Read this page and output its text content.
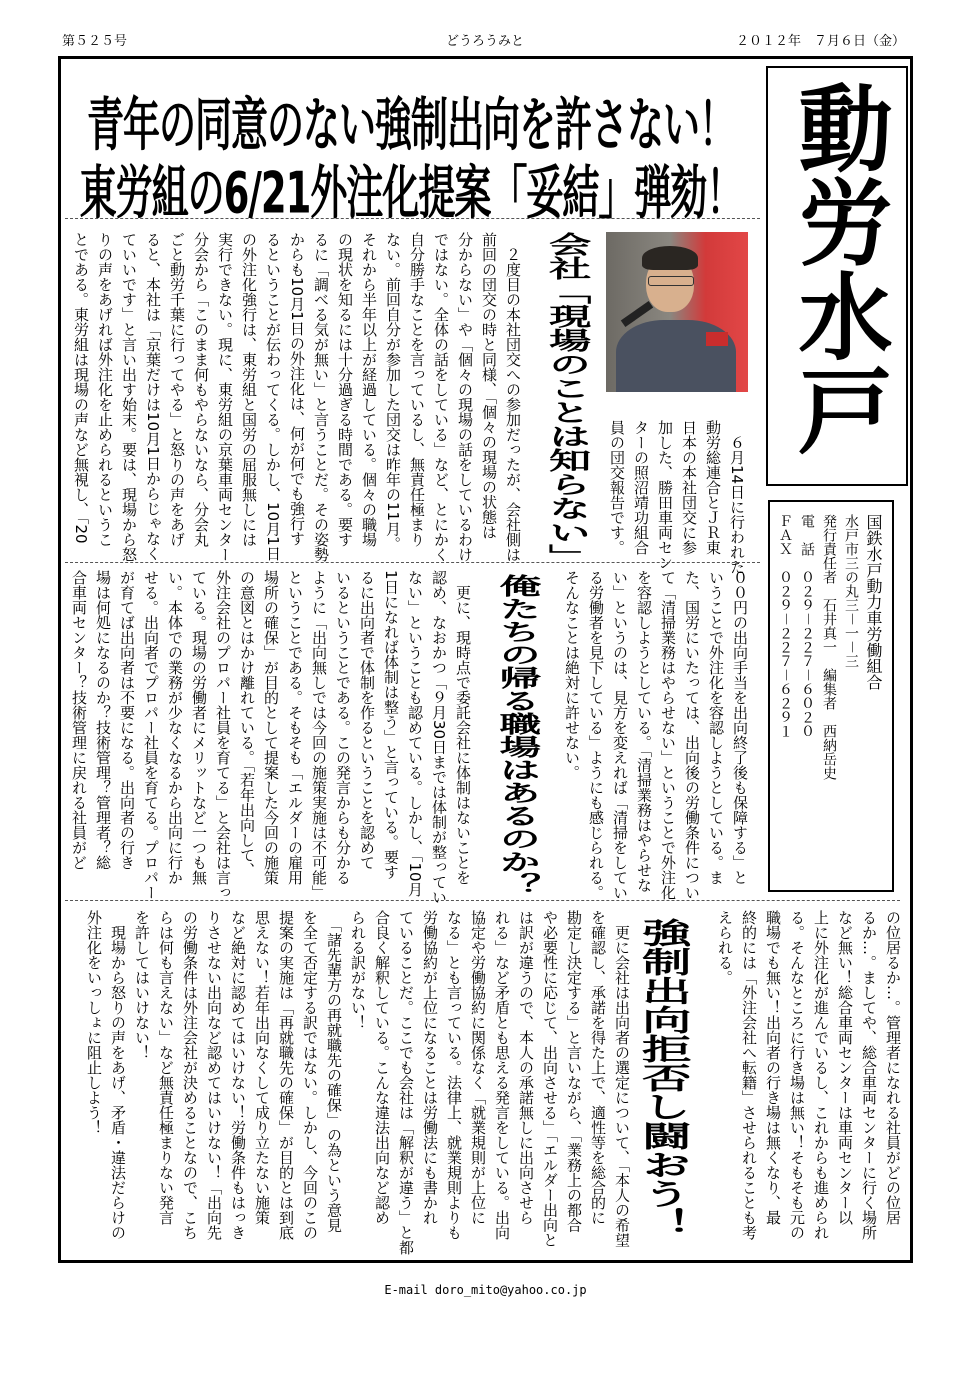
第５２５号	どうろうみと	２０１２年　７月６日（金）
青年の同意のない強制出向を許さない！
東労組の6/21外注化提案「妥結」弾劾！ 動労水戸
国鉄水戸動力車労働組合
水戸市三の丸三－一－三
発行責任者　石井真一　編集者　西納岳史
電　話　０２９－２２７－６０２０
ＦＡＸ　０２９－２２７－６２９１
　６月14日に行われた
動労総連合とＪＲ東
日本の本社団交に参
加した、勝田車両セン
ターの照沼靖功組合
員の団交報告です。
会社「現場のことは知らない」
　２度目の本社団交への参加だったが、会社側は
前回の団交の時と同様、「個々の現場の状態は
分からない」や「個々の現場の話をしているわけ
ではない。全体の話をしている」など、とにかく
自分勝手なことを言っているし、無責任極まり
ない。前回自分が参加した団交は昨年の11月。
それから半年以上が経過している。個々の職場
の現状を知るには十分過ぎる時間である。要す
るに「調べる気が無い」と言うことだ。その姿勢
からも10月1日の外注化は、何が何でも強行す
るということが伝わってくる。しかし、10月1日
の外注化強行は、東労組と国労の屈服無しには
実行できない。現に、東労組の京葉車両センター
分会から「このまま何もやらないなら、分会丸
ごと動労千葉に行ってやる」と怒りの声をあげ
ると、本社は「京葉だけは10月1日からじゃなく
ていいです」と言い出す始末。要は、現場から怒
りの声をあげれば外注化を止められるというこ
とである。東労組は現場の声など無視し、「20
００円の出向手当を出向終了後も保障する」と
いうことで外注化を容認しようとしている。ま
た、国労にいたっては、出向後の労働条件につい
て「清掃業務はやらせない」ということで外注化
を容認しようとしている。「清掃業務はやらせな
い」というのは、見方を変えれば「清掃をしてい
る労働者を見下している」ようにも感じられる。
そんなことは絶対に許せない。
俺たちの帰る職場はあるのか？
　更に、現時点で委託会社に体制はないことを
認め、なおかつ「９月30日までは体制が整ってい
ない」ということも認めている。しかし、「10月
1日になれば体制は整う」と言っている。要す
るに出向者で体制を作るということを認めて
いるということである。この発言からも分かる
ように「出向無しでは今回の施策実施は不可能」
ということである。そもそも「エルダーの雇用
場所の確保」が目的として提案した今回の施策
の意図とはかけ離れている。「若年出向して、
外注会社のプロパー社員を育てる」と会社は言っ
ている。現場の労働者にメリットなど一つも無
い。本体での業務が少なくなるから出向に行か
せる。出向者でプロパー社員を育てる。プロパー
が育てば出向者は不要になる。出向者の行き
場は何処になるのか？技術管理？管理者？総
合車両センター？技術管理に戻れる社員がど
の位居るか…。管理者になれる社員がどの位居
るか…。ましてや、総合車両センターに行く場所
など無い！総合車両センターは車両センター以
上に外注化が進んでいるし、これからも進められ
る。そんなところに行き場は無い！そもそも元の
職場でも無い！出向者の行き場は無くなり、最
終的には「外注会社へ転籍」させられることも考
えられる。
強制出向拒否し闘おう！
　更に会社は出向者の選定について、「本人の希望
を確認し、承諾を得た上で、適性等を総合的に
勘定し決定する」と言いながら、「業務上の都合
や必要性に応じて、出向させる」「エルダー出向と
は訳が違うので、本人の承諾無しに出向させら
れる」など矛盾とも思える発言をしている。出向
協定や労働協約に関係なく「就業規則が上位に
なる」とも言っている。法律上、就業規則よりも
労働協約が上位になることは労働法にも書かれ
ていることだ。ここでも会社は「解釈が違う」と都
合良く解釈している。こんな違法出向など認め
られる訳がない！
　「諸先輩方の再就職先の確保」の為という意見
を全て否定する訳ではない。しかし、今回のこの
提案の実施は「再就職先の確保」が目的とは到底
思えない！若年出向なくして成り立たない施策
など絶対に認めてはいけない！労働条件もはっき
りさせない出向など認めてはいけない！「出向先
の労働条件は外注会社が決めることなので、こち
らは何も言えない」など無責任極まりない発言
を許してはいけない！
　現場から怒りの声をあげ、矛盾・違法だらけの
外注化をいっしょに阻止しよう！
E-mail doro_mito@yahoo.co.jp
